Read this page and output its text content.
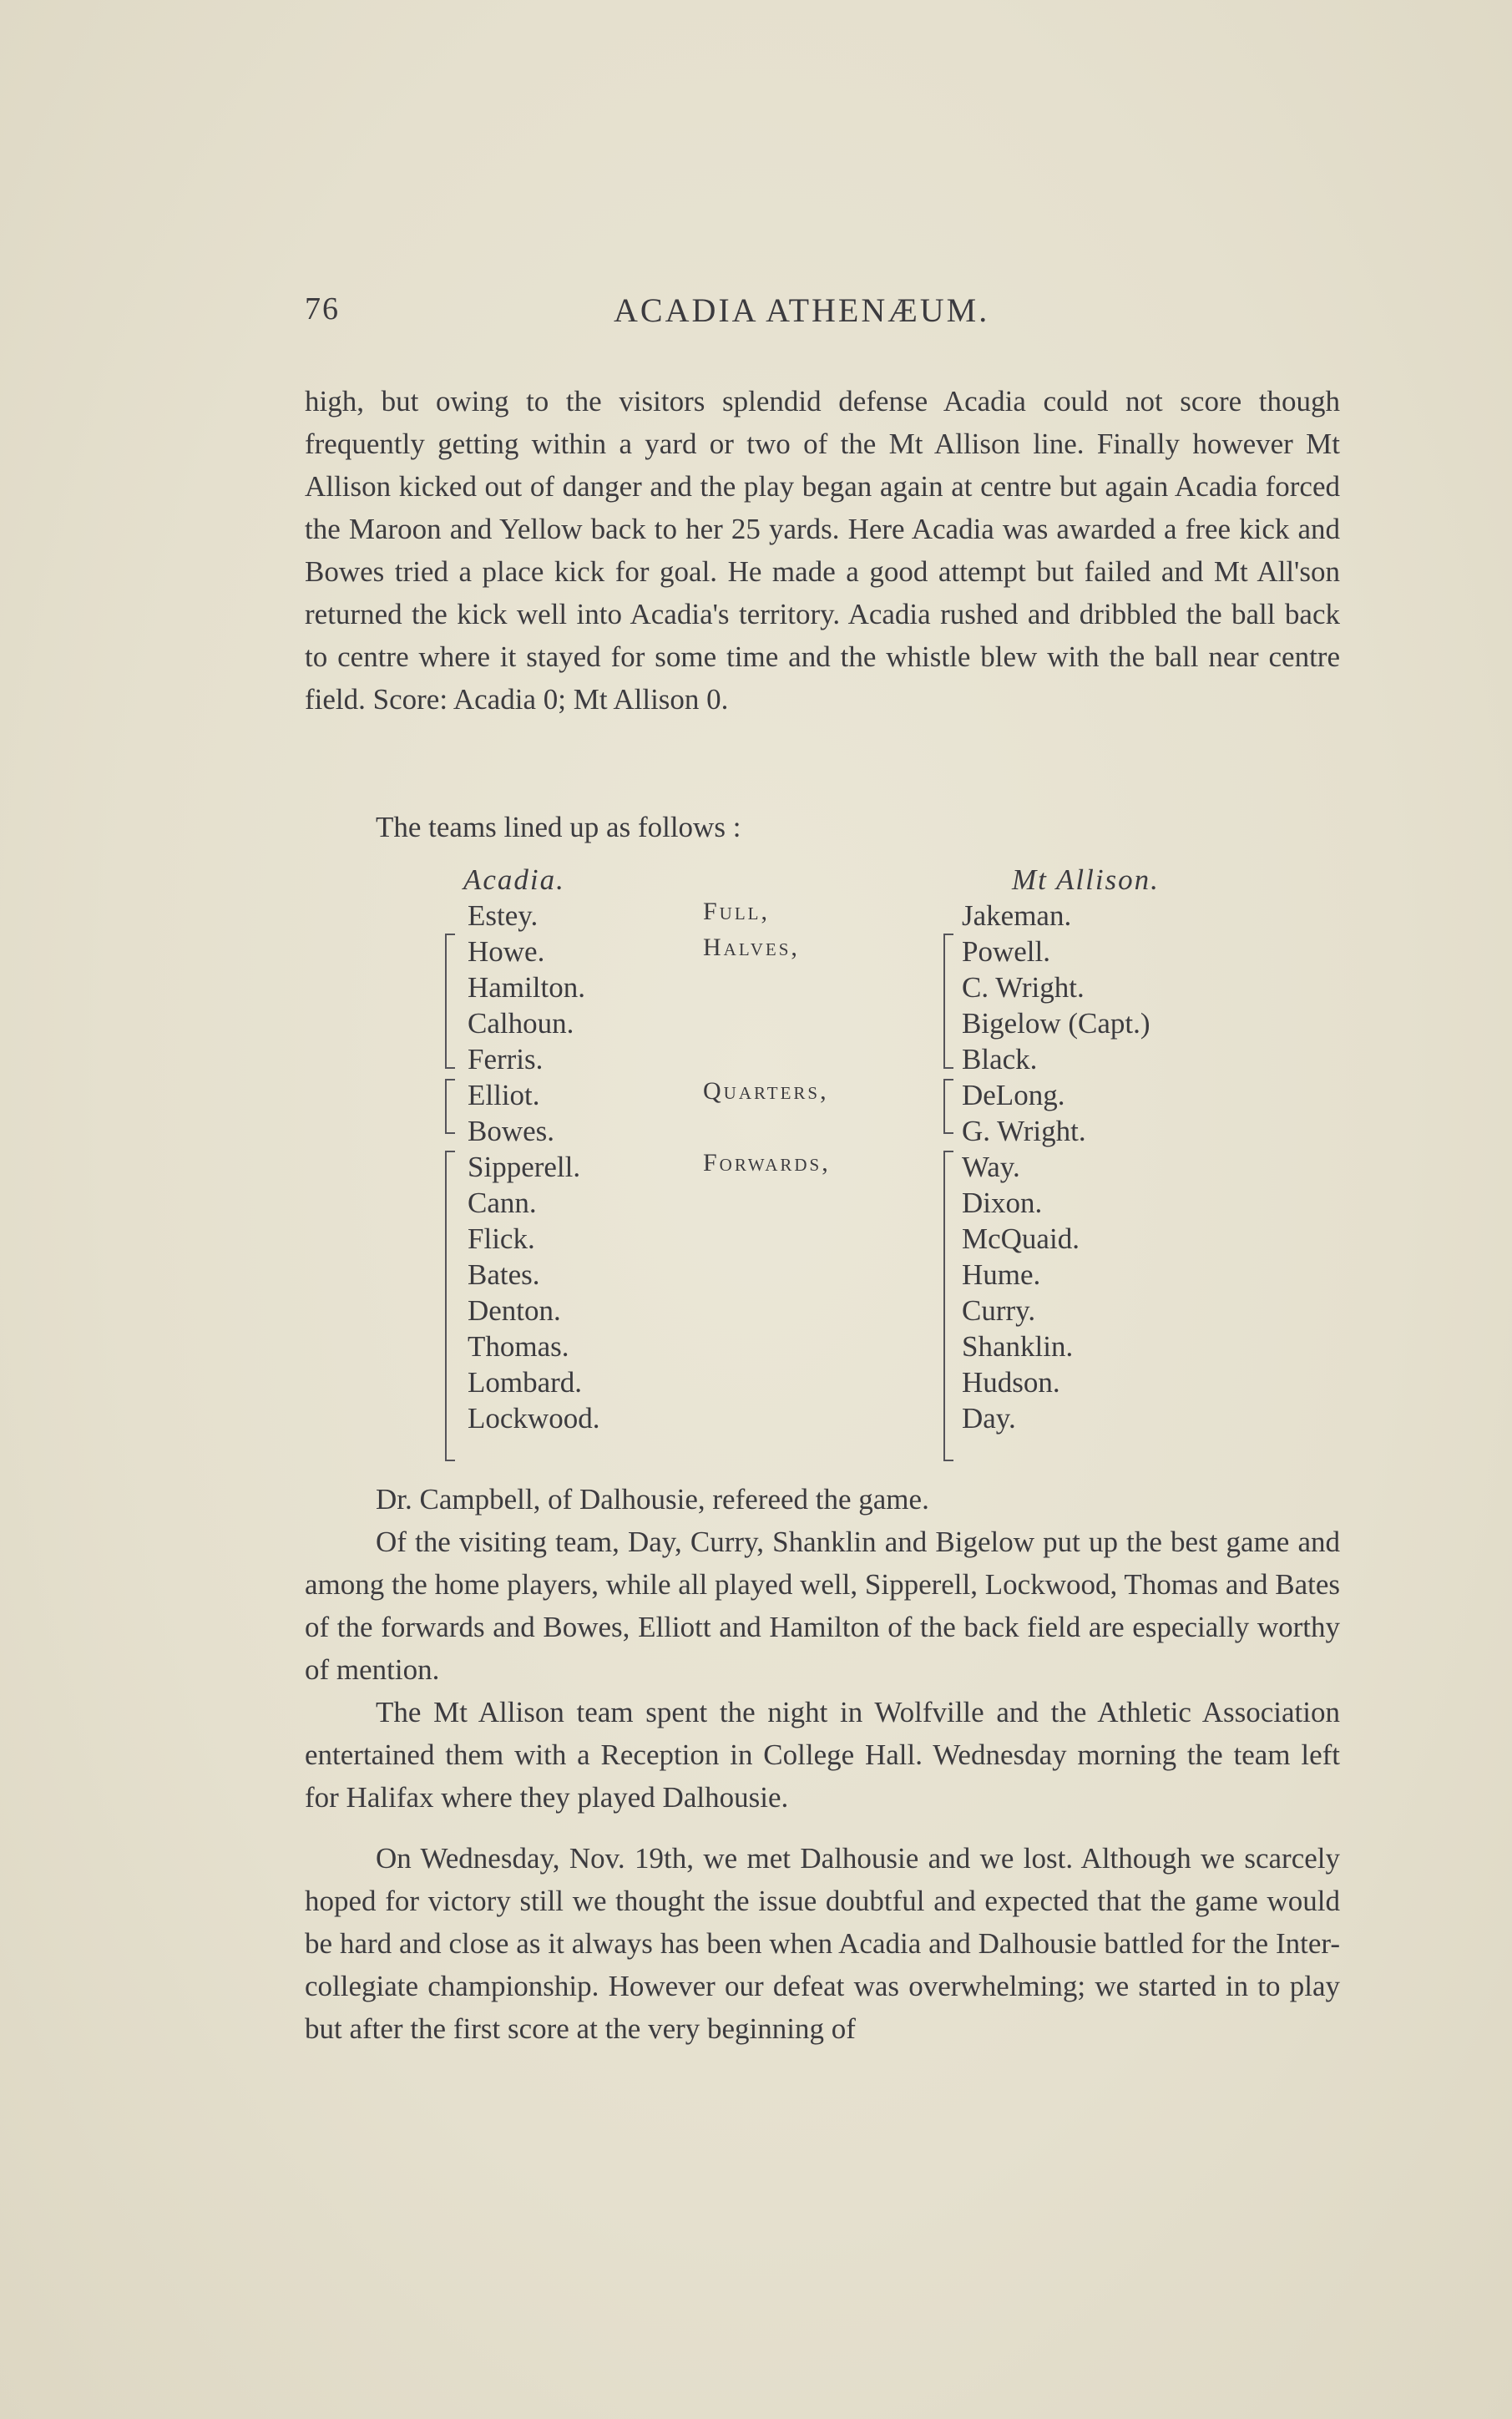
76	ACADIA ATHENÆUM.

high, but owing to the visitors splendid defense Acadia could not score though frequently getting within a yard or two of the Mt Allison line. Finally however Mt Allison kicked out of danger and the play began again at centre but again Acadia forced the Maroon and Yellow back to her 25 yards. Here Acadia was awarded a free kick and Bowes tried a place kick for goal. He made a good attempt but failed and Mt All'son returned the kick well into Acadia's territory. Acadia rushed and dribbled the ball back to centre where it stayed for some time and the whistle blew with the ball near centre field. Score: Acadia 0; Mt Allison 0.

The teams lined up as follows :

Acadia.
Estey.
Howe.
Hamilton.
Calhoun.
Ferris.
Elliot.
Bowes.
Sipperell.
Cann.
Flick.
Bates.
Denton.
Thomas.
Lombard.
Lockwood.
Mt Allison.
Jakeman.
Powell.
C. Wright.
Bigelow (Capt.)
Black.
DeLong.
G. Wright.
Way.
Dixon.
McQuaid.
Hume.
Curry.
Shanklin.
Hudson.
Day.
Full,
Halves,
Quarters,
Forwards,

Dr. Campbell, of Dalhousie, refereed the game.

Of the visiting team, Day, Curry, Shanklin and Bigelow put up the best game and among the home players, while all played well, Sipperell, Lockwood, Thomas and Bates of the forwards and Bowes, Elliott and Hamilton of the back field are especially worthy of mention.

The Mt Allison team spent the night in Wolfville and the Athletic Association entertained them with a Reception in College Hall. Wednesday morning the team left for Halifax where they played Dalhousie.

On Wednesday, Nov. 19th, we met Dalhousie and we lost. Although we scarcely hoped for victory still we thought the issue doubtful and expected that the game would be hard and close as it always has been when Acadia and Dalhousie battled for the Inter-collegiate championship. However our defeat was overwhelming; we started in to play but after the first score at the very beginning of
